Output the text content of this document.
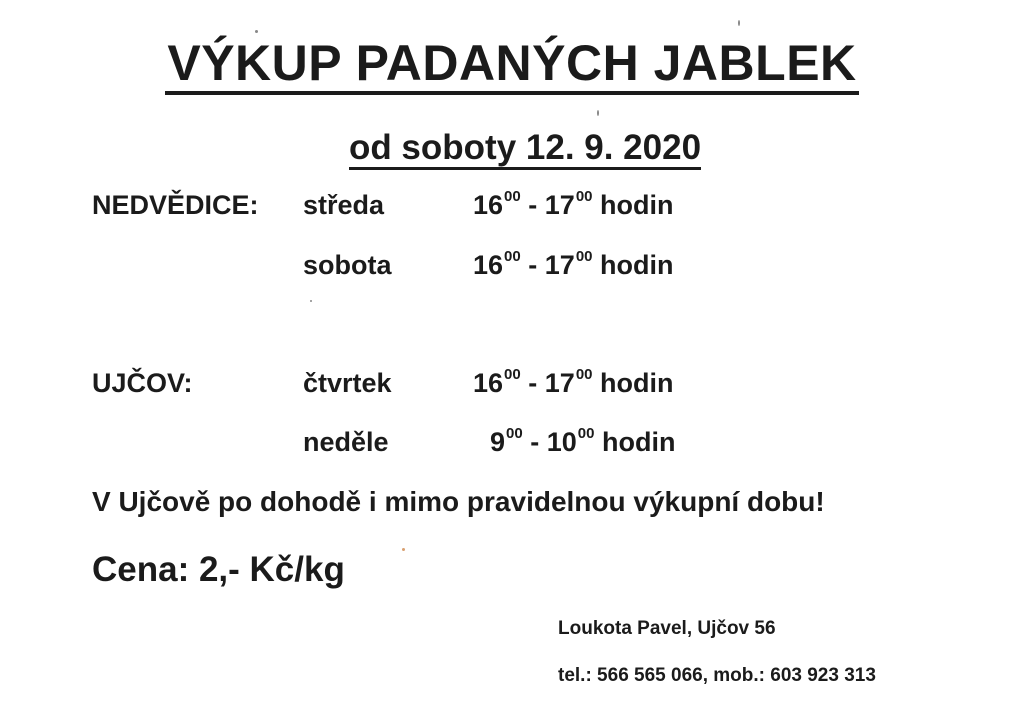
VÝKUP PADANÝCH JABLEK
od soboty 12. 9. 2020
NEDVĚDICE: středa	$16^{00} - 17^{00}$ hodin
sobota	$16^{00} - 17^{00}$ hodin
UJČOV:	čtvrtek	$16^{00} - 17^{00}$ hodin
neděle	$9^{00} - 10^{00}$ hodin
V Ujčově po dohodě i mimo pravidelnou výkupní dobu!
Cena: 2,- Kč/kg
Loukota Pavel, Ujčov 56
tel.: 566 565 066, mob.: 603 923 313
